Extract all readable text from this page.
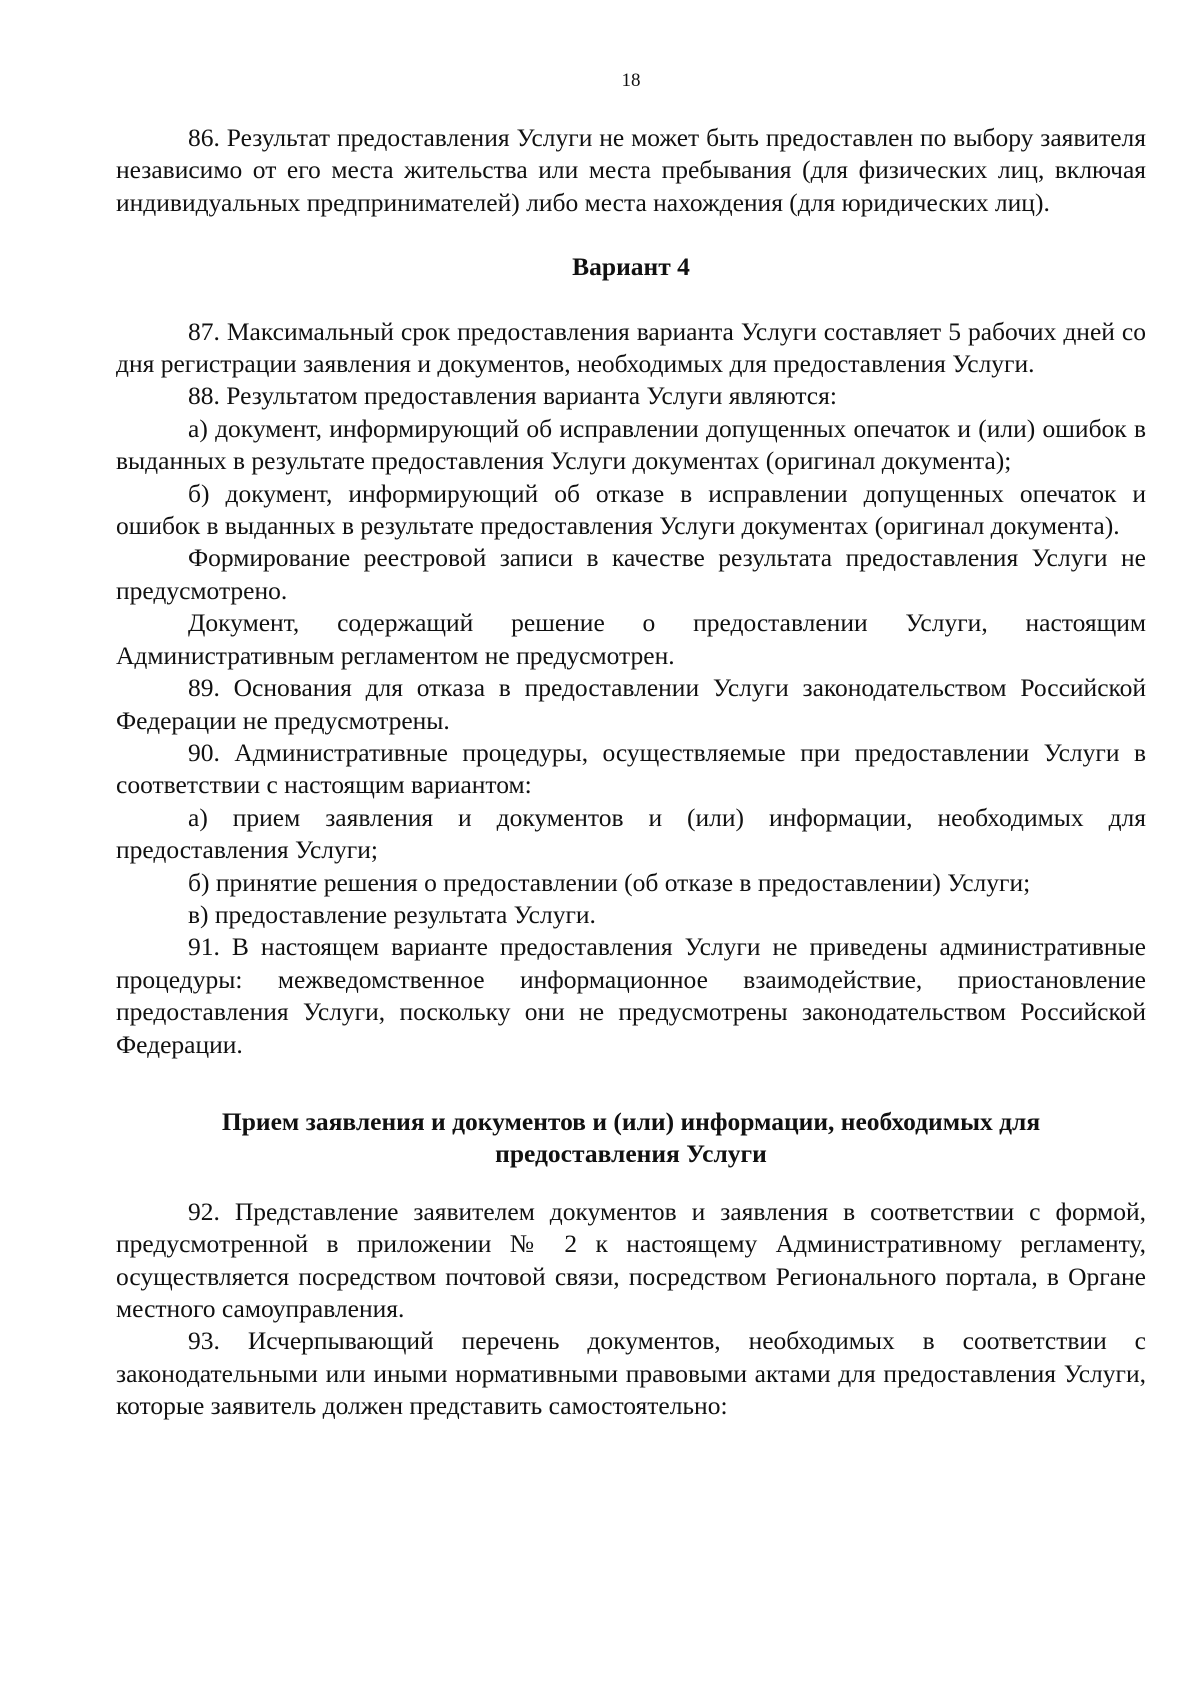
18

86. Результат предоставления Услуги не может быть предоставлен по выбору заявителя независимо от его места жительства или места пребывания (для физических лиц, включая индивидуальных предпринимателей) либо места нахождения (для юридических лиц).

Вариант 4

87. Максимальный срок предоставления варианта Услуги составляет 5 рабочих дней со дня регистрации заявления и документов, необходимых для предоставления Услуги.

88. Результатом предоставления варианта Услуги являются:

а) документ, информирующий об исправлении допущенных опечаток и (или) ошибок в выданных в результате предоставления Услуги документах (оригинал документа);

б) документ, информирующий об отказе в исправлении допущенных опечаток и ошибок в выданных в результате предоставления Услуги документах (оригинал документа).

Формирование реестровой записи в качестве результата предоставления Услуги не предусмотрено.

Документ, содержащий решение о предоставлении Услуги, настоящим Административным регламентом не предусмотрен.

89. Основания для отказа в предоставлении Услуги законодательством Российской Федерации не предусмотрены.

90. Административные процедуры, осуществляемые при предоставлении Услуги в соответствии с настоящим вариантом:

а) прием заявления и документов и (или) информации, необходимых для предоставления Услуги;

б) принятие решения о предоставлении (об отказе в предоставлении) Услуги;

в) предоставление результата Услуги.

91. В настоящем варианте предоставления Услуги не приведены административные процедуры: межведомственное информационное взаимодействие, приостановление предоставления Услуги, поскольку они не предусмотрены законодательством Российской Федерации.

Прием заявления и документов и (или) информации, необходимых для
предоставления Услуги

92. Представление заявителем документов и заявления в соответствии с формой, предусмотренной в приложении № 2 к настоящему Административному регламенту, осуществляется посредством почтовой связи, посредством Регионального портала, в Органе местного самоуправления.

93. Исчерпывающий перечень документов, необходимых в соответствии с законодательными или иными нормативными правовыми актами для предоставления Услуги, которые заявитель должен представить самостоятельно:
